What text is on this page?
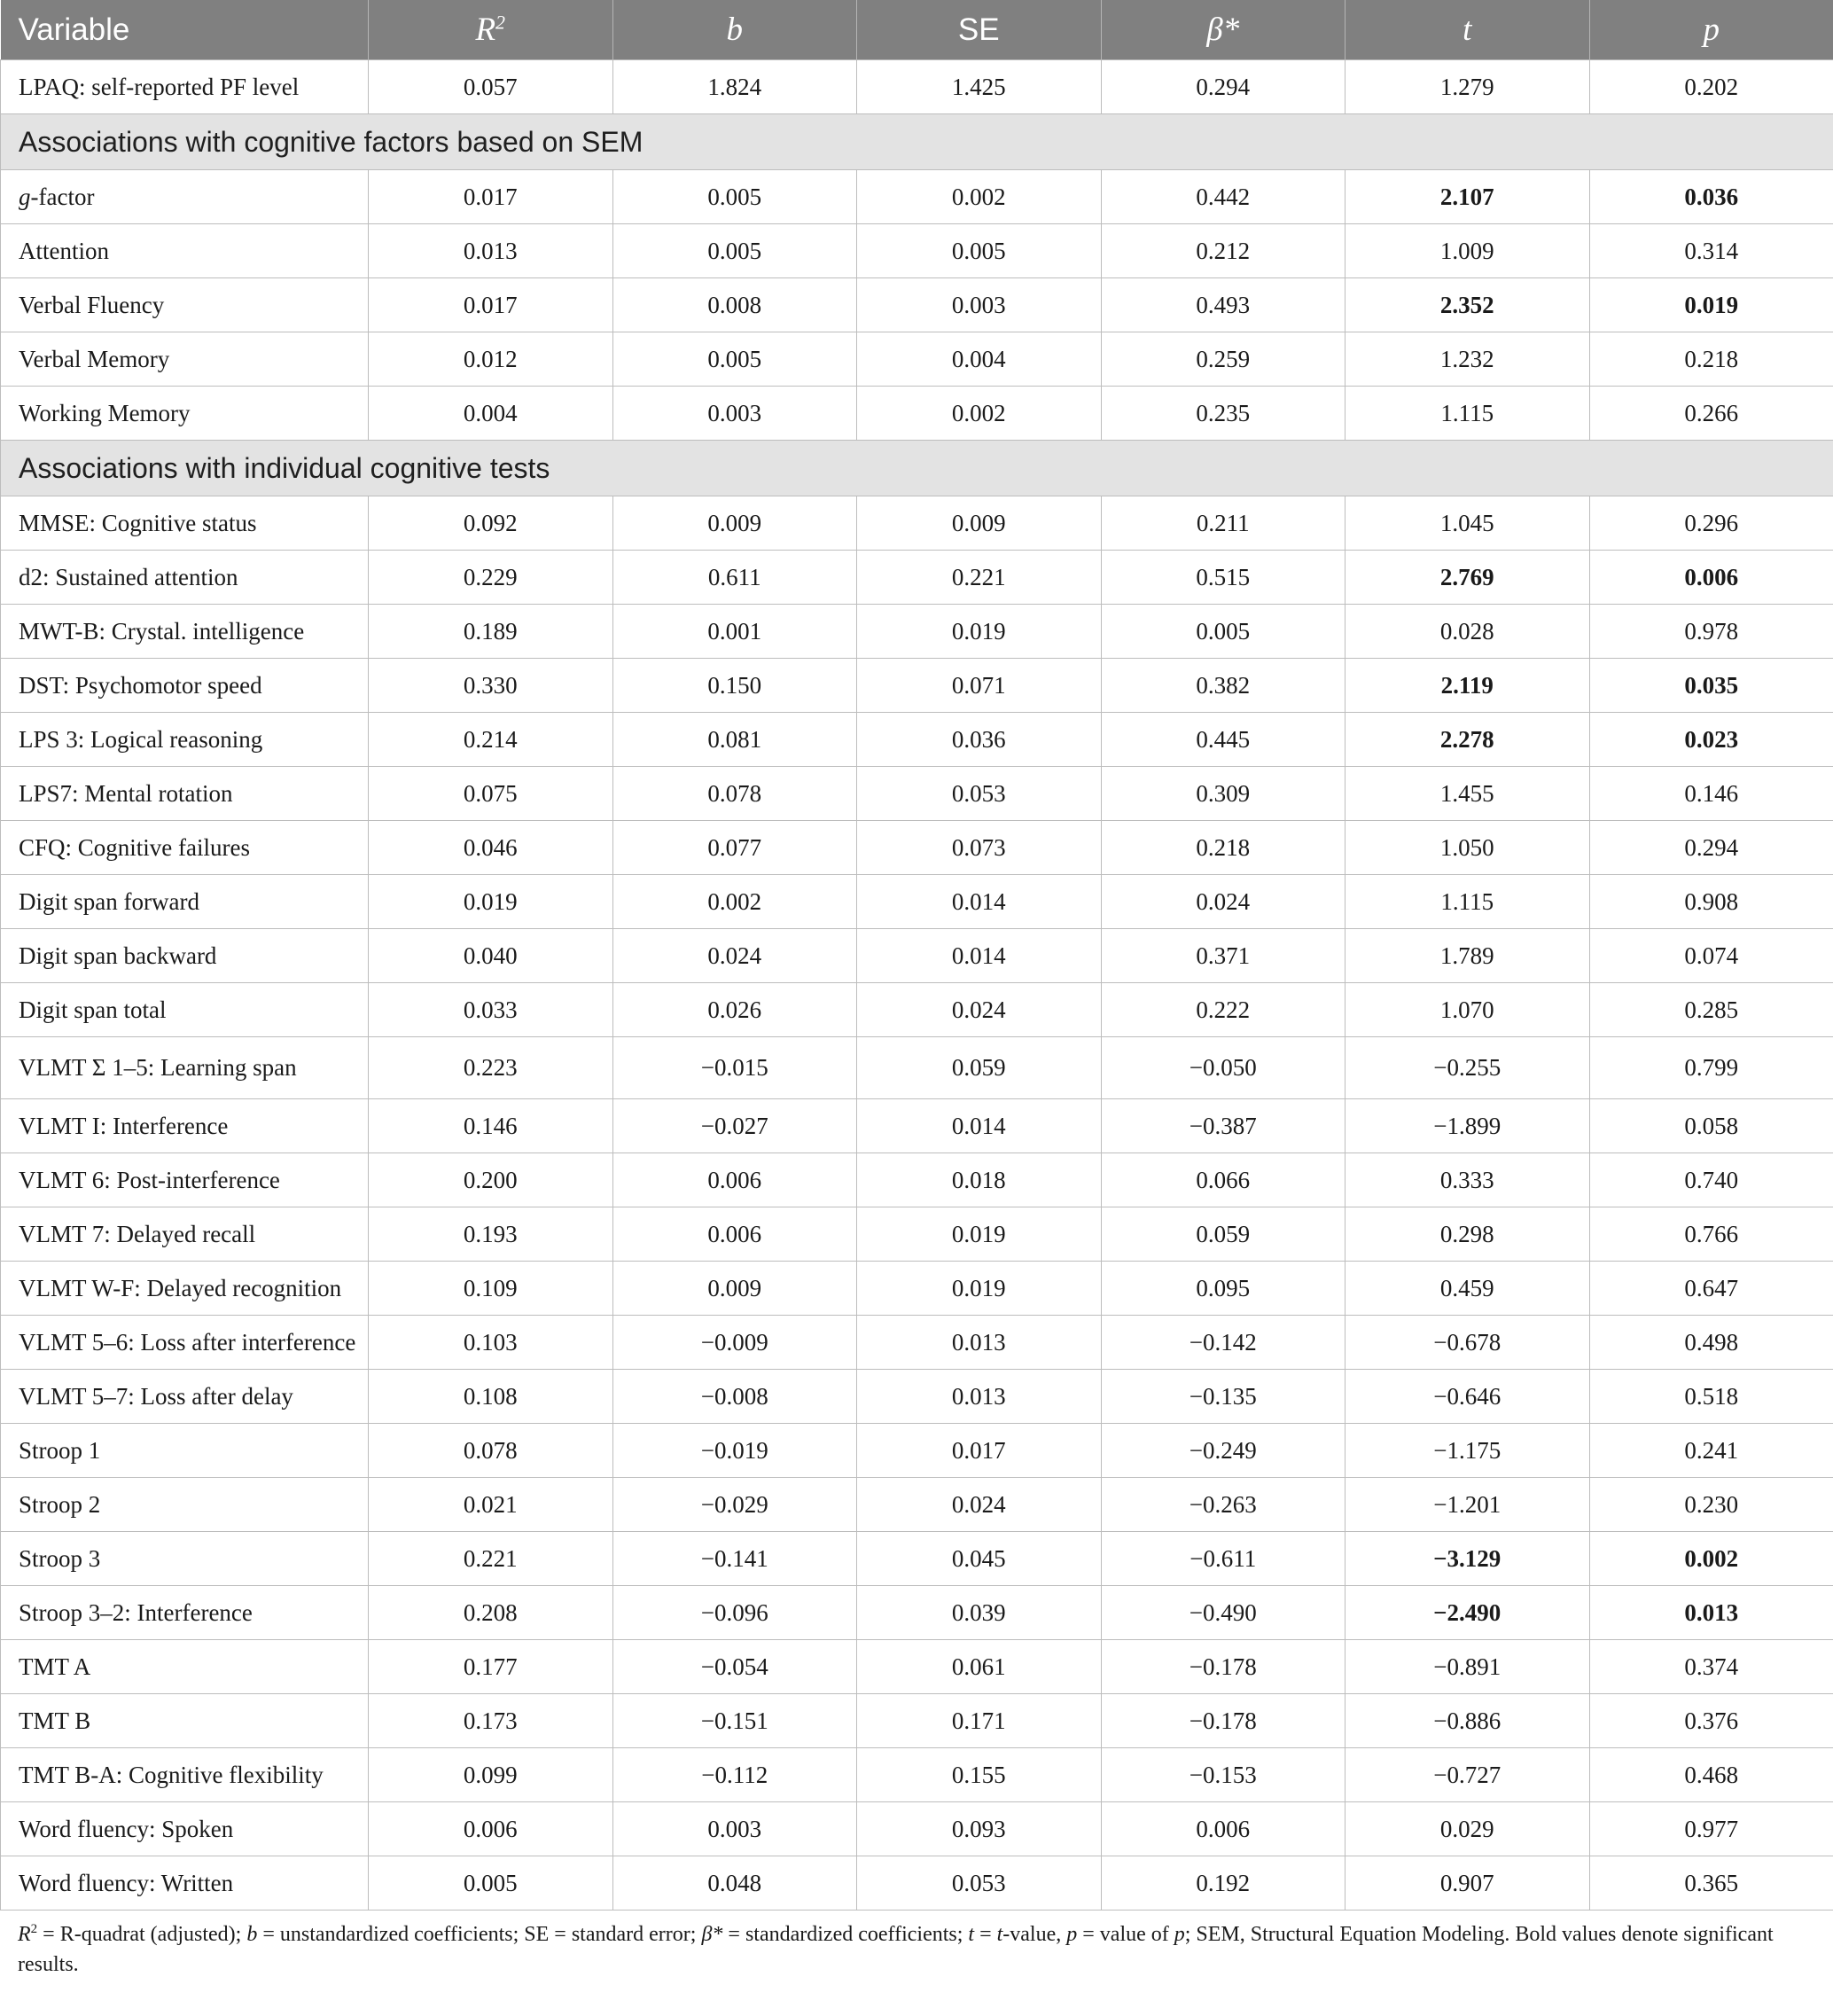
Variable	$R^2$	b	SE	β*	t	p
LPAQ: self-reported PF level	0.057	1.824	1.425	0.294	1.279	0.202
Associations with cognitive factors based on SEM						
g-factor	0.017	0.005	0.002	0.442	2.107	0.036
Attention	0.013	0.005	0.005	0.212	1.009	0.314
Verbal Fluency	0.017	0.008	0.003	0.493	2.352	0.019
Verbal Memory	0.012	0.005	0.004	0.259	1.232	0.218
Working Memory	0.004	0.003	0.002	0.235	1.115	0.266
Associations with individual cognitive tests						
MMSE: Cognitive status	0.092	0.009	0.009	0.211	1.045	0.296
d2: Sustained attention	0.229	0.611	0.221	0.515	2.769	0.006
MWT-B: Crystal. intelligence	0.189	0.001	0.019	0.005	0.028	0.978
DST: Psychomotor speed	0.330	0.150	0.071	0.382	2.119	0.035
LPS 3: Logical reasoning	0.214	0.081	0.036	0.445	2.278	0.023
LPS7: Mental rotation	0.075	0.078	0.053	0.309	1.455	0.146
CFQ: Cognitive failures	0.046	0.077	0.073	0.218	1.050	0.294
Digit span forward	0.019	0.002	0.014	0.024	1.115	0.908
Digit span backward	0.040	0.024	0.014	0.371	1.789	0.074
Digit span total	0.033	0.026	0.024	0.222	1.070	0.285
VLMT Σ 1–5: Learning span	0.223	−0.015	0.059	−0.050	−0.255	0.799
VLMT I: Interference	0.146	−0.027	0.014	−0.387	−1.899	0.058
VLMT 6: Post-interference	0.200	0.006	0.018	0.066	0.333	0.740
VLMT 7: Delayed recall	0.193	0.006	0.019	0.059	0.298	0.766
VLMT W-F: Delayed recognition	0.109	0.009	0.019	0.095	0.459	0.647
VLMT 5–6: Loss after interference	0.103	−0.009	0.013	−0.142	−0.678	0.498
VLMT 5–7: Loss after delay	0.108	−0.008	0.013	−0.135	−0.646	0.518
Stroop 1	0.078	−0.019	0.017	−0.249	−1.175	0.241
Stroop 2	0.021	−0.029	0.024	−0.263	−1.201	0.230
Stroop 3	0.221	−0.141	0.045	−0.611	−3.129	0.002
Stroop 3–2: Interference	0.208	−0.096	0.039	−0.490	−2.490	0.013
TMT A	0.177	−0.054	0.061	−0.178	−0.891	0.374
TMT B	0.173	−0.151	0.171	−0.178	−0.886	0.376
TMT B-A: Cognitive flexibility	0.099	−0.112	0.155	−0.153	−0.727	0.468
Word fluency: Spoken	0.006	0.003	0.093	0.006	0.029	0.977
Word fluency: Written	0.005	0.048	0.053	0.192	0.907	0.365

$R^2$ = R-quadrat (adjusted); b = unstandardized coefficients; SE = standard error; β* = standardized coefficients; t = t-value, p = value of p; SEM, Structural Equation Modeling. Bold values denote significant results.
